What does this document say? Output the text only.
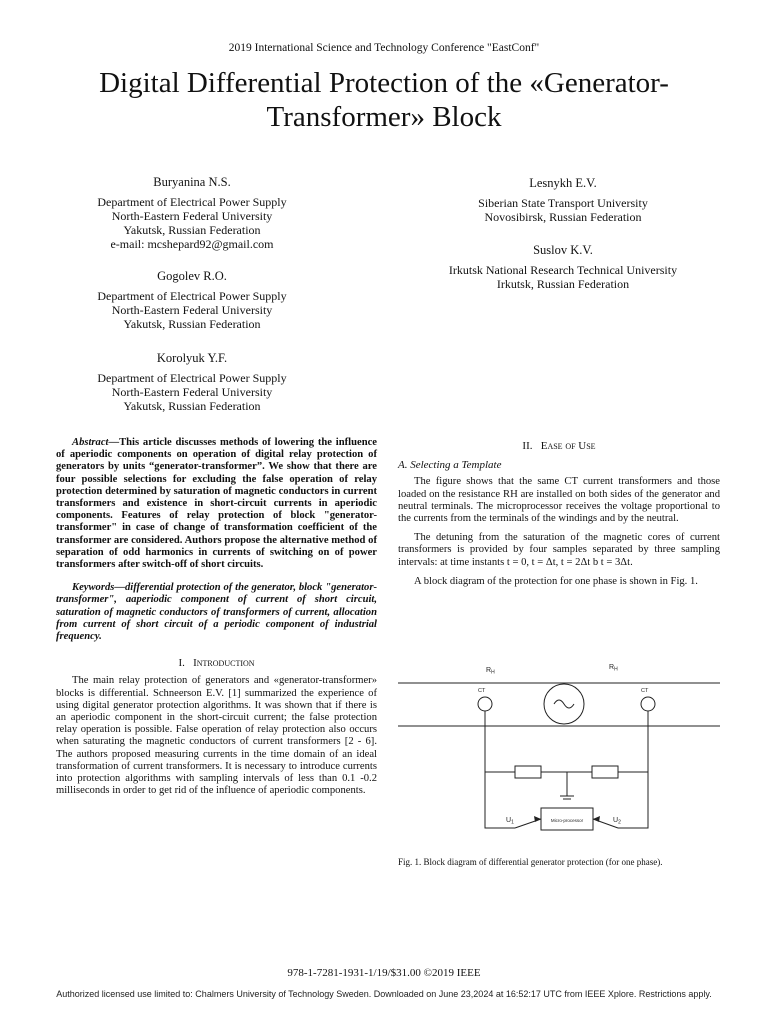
2019 International Science and Technology Conference "EastConf"
Digital Differential Protection of the «Generator-
Transformer» Block
Buryanina N.S.
Department of Electrical Power Supply
North-Eastern Federal University
Yakutsk, Russian Federation
e-mail: mcshepard92@gmail.com
Gogolev R.O.
Department of Electrical Power Supply
North-Eastern Federal University
Yakutsk, Russian Federation
Korolyuk Y.F.
Department of Electrical Power Supply
North-Eastern Federal University
Yakutsk, Russian Federation
Lesnykh E.V.
Siberian State Transport University
Novosibirsk, Russian Federation
Suslov K.V.
Irkutsk National Research Technical University
Irkutsk, Russian Federation

Abstract—This article discusses methods of lowering the influence of aperiodic components on operation of digital relay protection of generators by units “generator-transformer”. We show that there are four possible selections for excluding the false operation of relay protection determined by saturation of magnetic conductors in current transformers and existence in short-circuit currents in aperiodic components. Features of relay protection of block "generator-transformer" in case of change of transformation coefficient of the transformer are considered. Authors propose the alternative method of separation of odd harmonics in currents of switching on of power transformers after switch-off of short circuits.

Keywords—differential protection of the generator, block "generator-transformer", aaperiodic component of current of short circuit, saturation of magnetic conductors of transformers of current, allocation from current of short circuit of a periodic component of industrial frequency.

I. Introduction

The main relay protection of generators and «generator-transformer» blocks is differential. Schneerson E.V. [1] summarized the experience of using digital generator protection algorithms. It was shown that if there is an aperiodic component in the short-circuit current; the false protection relay operation is possible. False operation of relay protection also occurs when saturating the magnetic conductors of current transformers [2 - 6]. The authors proposed measuring currents in the time domain of an ideal transformation of current transformers. It is necessary to introduce currents into protection algorithms with sampling intervals of less than 0.1 -0.2 milliseconds in order to get rid of the influence of aperiodic components.

II. Ease of Use

A. Selecting a Template

The figure shows that the same CT current transformers and those loaded on the resistance RH are installed on both sides of the generator and neutral terminals. The microprocessor receives the voltage proportional to the currents from the terminals of the windings and by the neutral.

The detuning from the saturation of the magnetic cores of current transformers is provided by four samples separated by three sampling intervals: at time instants t = 0, t = Δt, t = 2Δt b t = 3Δt.

A block diagram of the protection for one phase is shown in Fig. 1.

$R_H$
$R_H$
CT	CT
$U_1$	$U_2$
Micro-processor
Fig. 1. Block diagram of differential generator protection (for one phase).
978-1-7281-1931-1/19/$31.00 ©2019 IEEE
Authorized licensed use limited to: Chalmers University of Technology Sweden. Downloaded on June 23,2024 at 16:52:17 UTC from IEEE Xplore. Restrictions apply.
